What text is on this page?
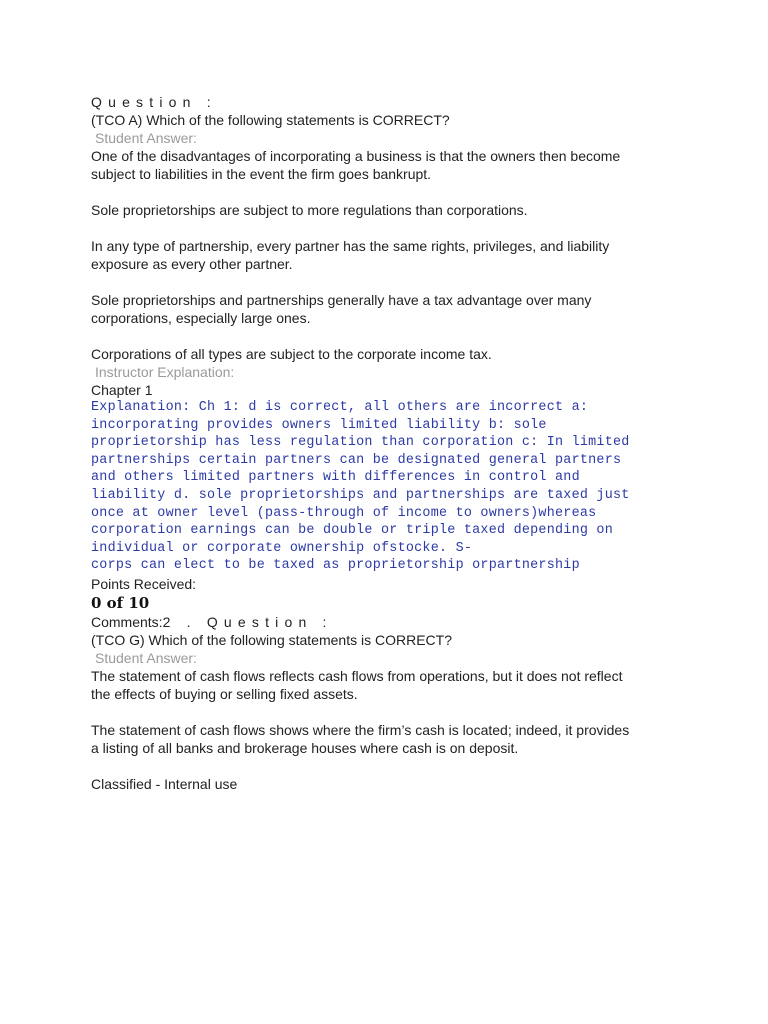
Question :
(TCO A) Which of the following statements is CORRECT?
Student Answer:
One of the disadvantages of incorporating a business is that the owners then become
subject to liabilities in the event the firm goes bankrupt.
Sole proprietorships are subject to more regulations than corporations.
In any type of partnership, every partner has the same rights, privileges, and liability
exposure as every other partner.
Sole proprietorships and partnerships generally have a tax advantage over many
corporations, especially large ones.
Corporations of all types are subject to the corporate income tax.
Instructor Explanation:
Chapter 1
Explanation: Ch 1: d is correct, all others are incorrect a:
incorporating provides owners limited liability b: sole
proprietorship has less regulation than corporation c: In limited
partnerships certain partners can be designated general partners
and others limited partners with differences in control and
liability d. sole proprietorships and partnerships are taxed just
once at owner level (pass-through of income to owners)whereas
corporation earnings can be double or triple taxed depending on
individual or corporate ownership ofstocke. S-
corps can elect to be taxed as proprietorship orpartnership
Points Received:
0 of 10
Comments:2 . Question :
(TCO G) Which of the following statements is CORRECT?
Student Answer:
The statement of cash flows reflects cash flows from operations, but it does not reflect
the effects of buying or selling fixed assets.
The statement of cash flows shows where the firm’s cash is located; indeed, it provides
a listing of all banks and brokerage houses where cash is on deposit.
Classified - Internal use
